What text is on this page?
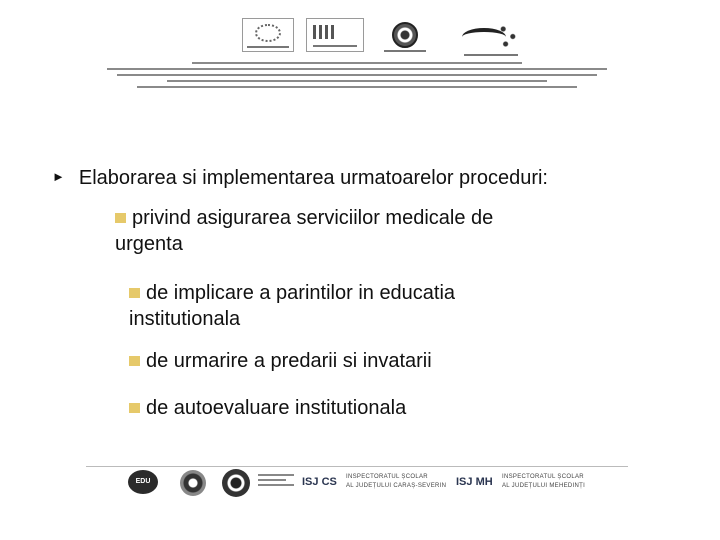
► Elaborarea si implementarea urmatoarelor proceduri:
privind asigurarea serviciilor medicale de
urgenta
de implicare a parintilor in educatia
institutionala
de urmarire a predarii si invatarii
de autoevaluare institutionala
EDU PORTA
ISJ CS INSPECTORATUL ȘCOLAR
AL JUDEȚULUI CARAȘ-SEVERIN ISJ MH INSPECTORATUL ȘCOLAR
AL JUDEȚULUI MEHEDINȚI
